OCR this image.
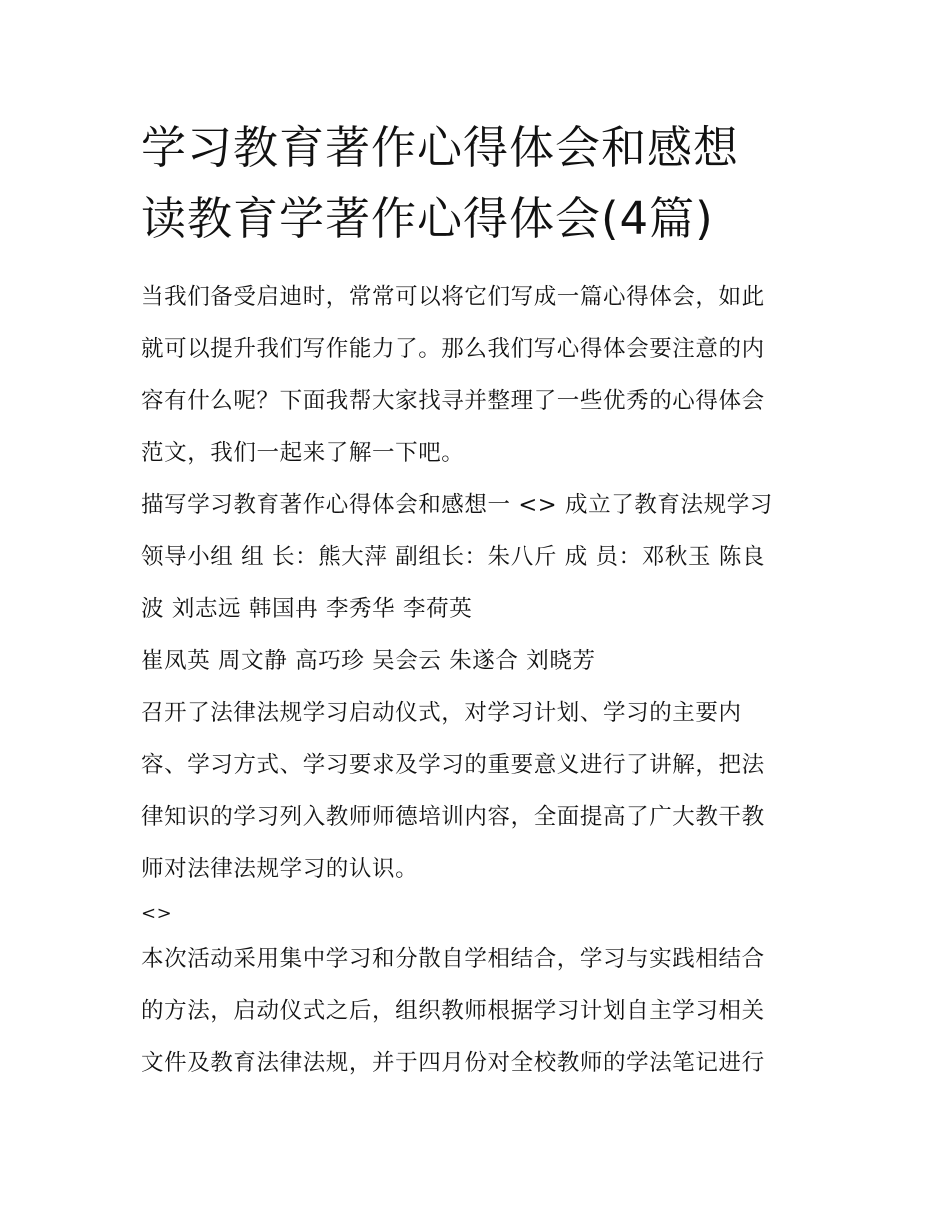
学习教育著作心得体会和感想
读教育学著作心得体会(4篇)

当我们备受启迪时，常常可以将它们写成一篇心得体会，如此
就可以提升我们写作能力了。那么我们写心得体会要注意的内
容有什么呢？下面我帮大家找寻并整理了一些优秀的心得体会
范文，我们一起来了解一下吧。

描写学习教育著作心得体会和感想一 <> 成立了教育法规学习
领导小组 组 长：熊大萍 副组长：朱八斤 成 员：邓秋玉 陈良
波 刘志远 韩国冉 李秀华 李荷英

崔凤英 周文静 高巧珍 吴会云 朱遂合 刘晓芳

召开了法律法规学习启动仪式，对学习计划、学习的主要内
容、学习方式、学习要求及学习的重要意义进行了讲解，把法
律知识的学习列入教师师德培训内容，全面提高了广大教干教
师对法律法规学习的认识。

<>

本次活动采用集中学习和分散自学相结合，学习与实践相结合
的方法，启动仪式之后，组织教师根据学习计划自主学习相关
文件及教育法律法规，并于四月份对全校教师的学法笔记进行
